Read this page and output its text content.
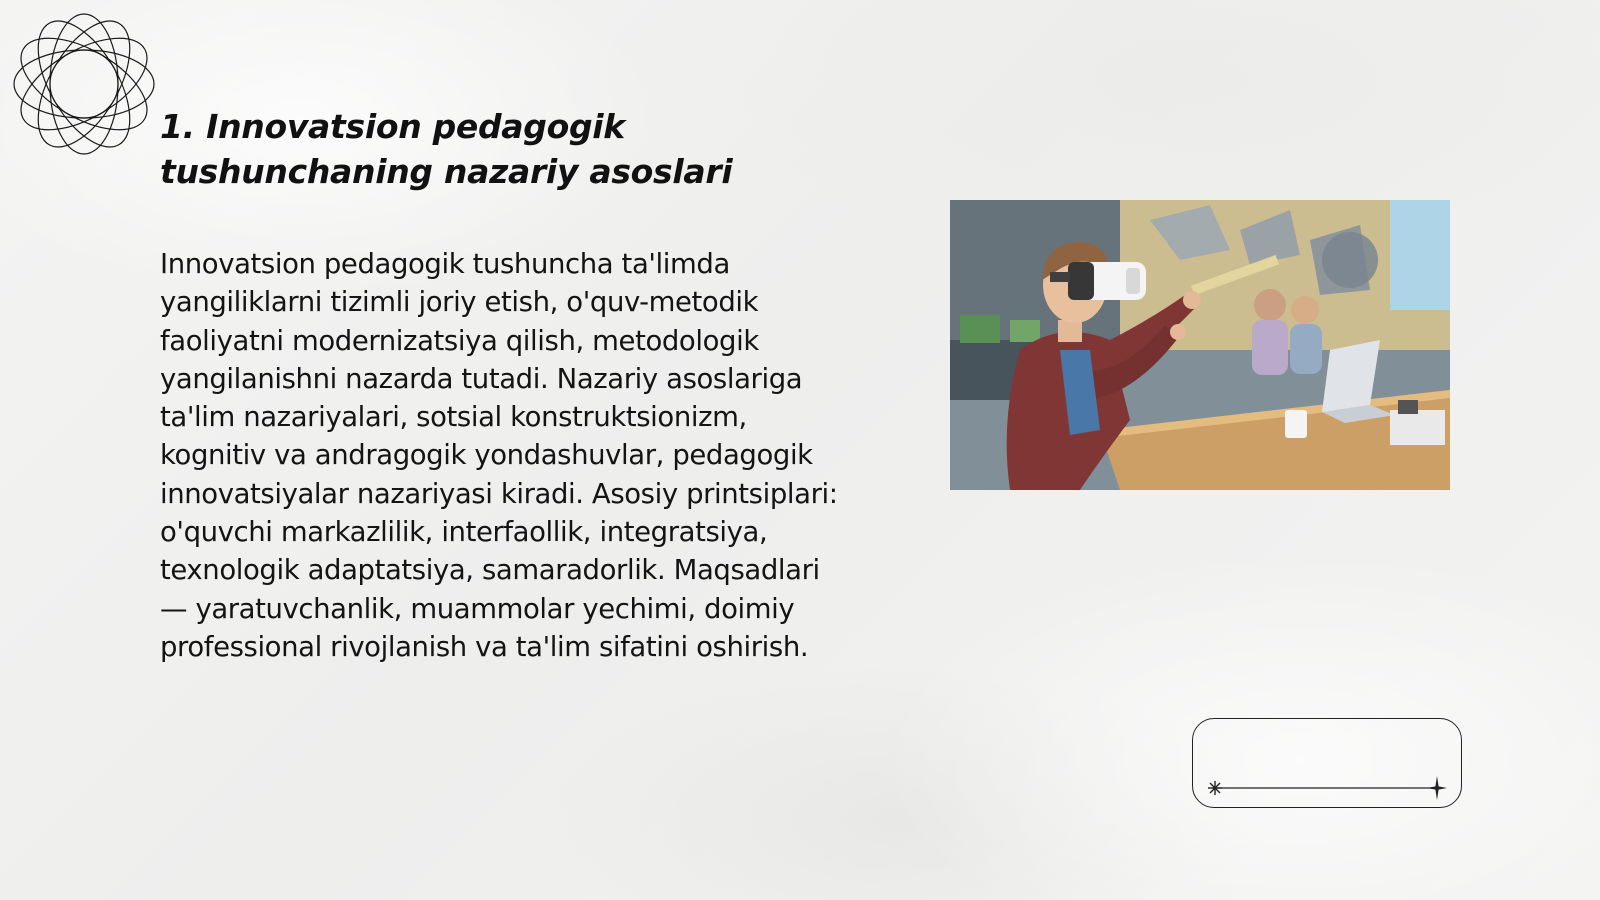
1. Innovatsion pedagogik tushunchaning nazariy asoslari

Innovatsion pedagogik tushuncha ta'limda yangiliklarni tizimli joriy etish, o'quv-metodik faoliyatni modernizatsiya qilish, metodologik yangilanishni nazarda tutadi. Nazariy asoslariga ta'lim nazariyalari, sotsial konstruktsionizm, kognitiv va andragogik yondashuvlar, pedagogik innovatsiyalar nazariyasi kiradi. Asosiy printsiplari: o'quvchi markazlilik, interfaollik, integratsiya, texnologik adaptatsiya, samaradorlik. Maqsadlari — yaratuvchanlik, muammolar yechimi, doimiy professional rivojlanish va ta'lim sifatini oshirish.
